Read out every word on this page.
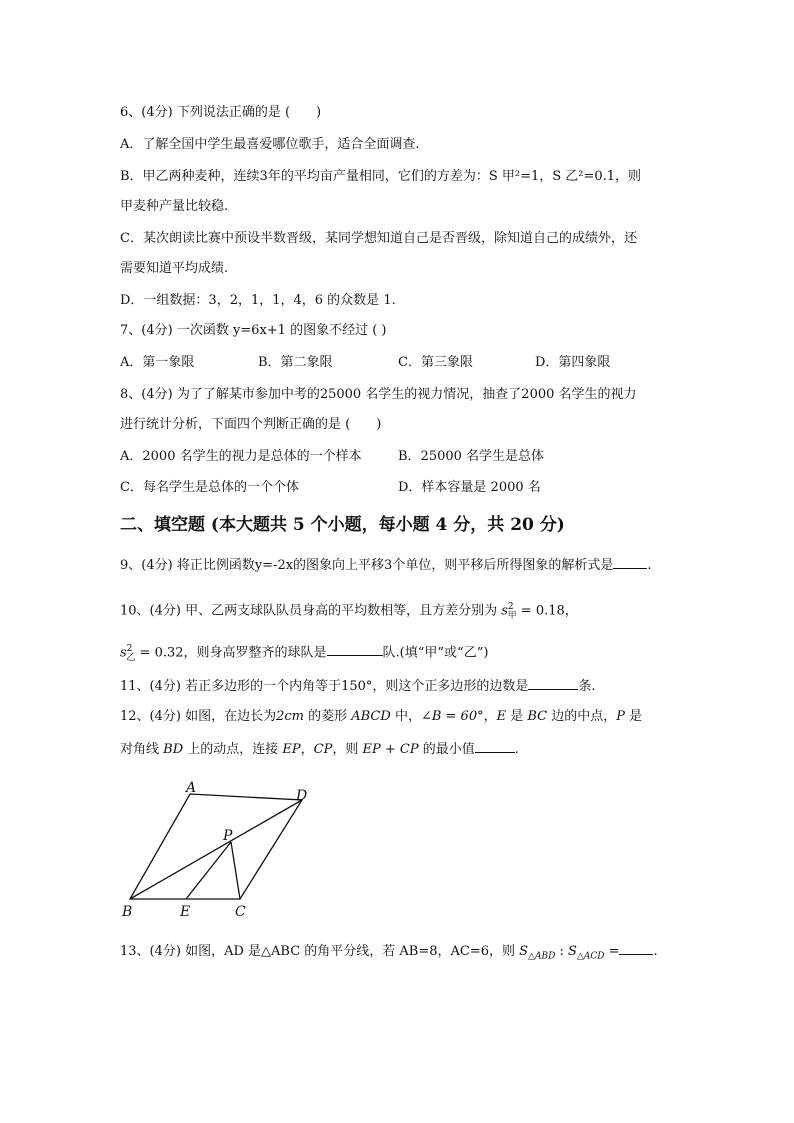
6、(4分) 下列说法正确的是 (　　)
A．了解全国中学生最喜爱哪位歌手，适合全面调查.
B．甲乙两种麦种，连续3年的平均亩产量相同，它们的方差为：S 甲²=1，S 乙²=0.1，则
甲麦种产量比较稳.
C．某次朗读比赛中预设半数晋级，某同学想知道自己是否晋级，除知道自己的成绩外，还
需要知道平均成绩.
D．一组数据：3，2，1，1，4，6 的众数是 1.
7、(4分) 一次函数 y=6x+1 的图象不经过 ( )
A．第一象限	B．第二象限	C．第三象限	D．第四象限
8、(4分) 为了了解某市参加中考的25000 名学生的视力情况，抽查了2000 名学生的视力
进行统计分析，下面四个判断正确的是 (　　)
A．2000 名学生的视力是总体的一个样本	B．25000 名学生是总体
C．每名学生是总体的一个个体	D．样本容量是 2000 名
二、填空题 (本大题共 5 个小题，每小题 4 分，共 20 分)
9、(4分) 将正比例函数y=-2x的图象向上平移3个单位，则平移后所得图象的解析式是	.
10、(4分) 甲、乙两支球队队员身高的平均数相等，且方差分别为 $s^2_甲 = 0.18$，
$s^2_乙 = 0.32$，则身高罗整齐的球队是	队.(填“甲”或“乙”)
11、(4分) 若正多边形的一个内角等于150°，则这个正多边形的边数是	条.
12、(4分) 如图，在边长为2cm 的菱形 ABCD 中，∠B = 60°，E 是 BC 边的中点，P 是
对角线 BD 上的动点，连接 EP，CP，则 EP + CP 的最小值	.
A	D
P
B	E	C
13、(4分) 如图，AD 是△ABC 的角平分线，若 AB=8，AC=6，则 $S_{\triangle ABD}$ : $S_{\triangle ACD}$ =	.
